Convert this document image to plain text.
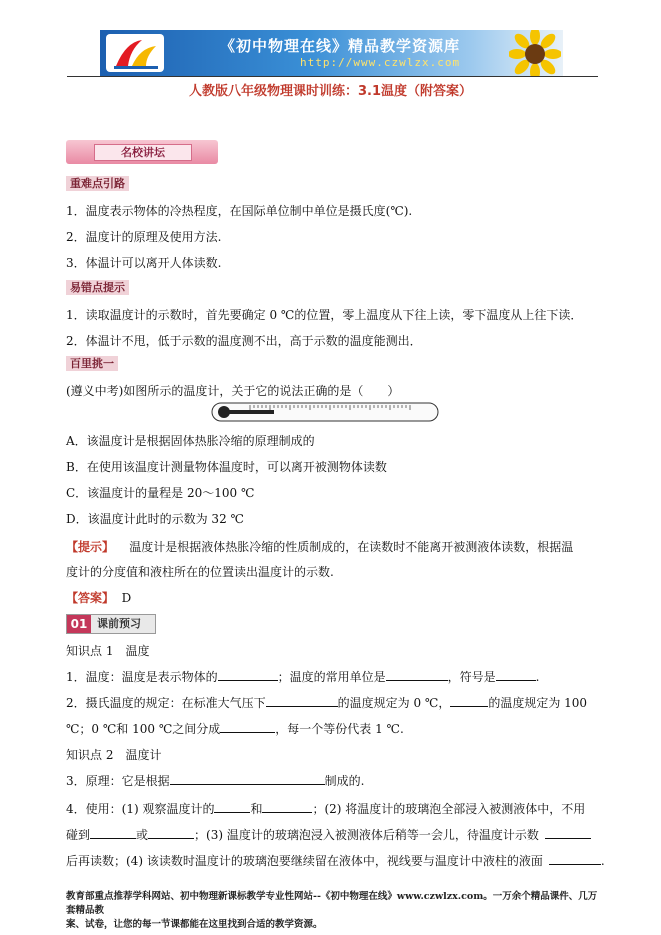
《初中物理在线》精品教学资源库
http://www.czwlzx.com
人教版八年级物理课时训练：3.1温度（附答案）
名校讲坛
重难点引路
1．温度表示物体的冷热程度，在国际单位制中单位是摄氏度(℃).
2．温度计的原理及使用方法.
3．体温计可以离开人体读数.
易错点提示
1．读取温度计的示数时，首先要确定 0 ℃的位置，零上温度从下往上读，零下温度从上往下读．
2．体温计不甩，低于示数的温度测不出，高于示数的温度能测出．
百里挑一
(遵义中考)如图所示的温度计，关于它的说法正确的是（　　）
A．该温度计是根据固体热胀冷缩的原理制成的
B．在使用该温度计测量物体温度时，可以离开被测物体读数
C．该温度计的量程是 20～100 ℃
D．该温度计此时的示数为 32 ℃
【提示】 温度计是根据液体热胀冷缩的性质制成的，在读数时不能离开被测液体读数，根据温
度计的分度值和液柱所在的位置读出温度计的示数.
【答案】 D
01 课前预习
知识点 1　温度
1．温度：温度是表示物体的	；温度的常用单位是	，符号是	.
2．摄氏温度的规定：在标准大气压下	的温度规定为 0 ℃，	的温度规定为 100
℃；0 ℃和 100 ℃之间分成	，每一个等份代表 1 ℃.
知识点 2　温度计
3．原理：它是根据	制成的.
4．使用：(1) 观察温度计的	和	；(2) 将温度计的玻璃泡全部浸入被测液体中，不用
碰到	或	；(3) 温度计的玻璃泡浸入被测液体后稍等一会儿，待温度计示数
后再读数；(4) 该读数时温度计的玻璃泡要继续留在液体中，视线要与温度计中液柱的液面	.
教育部重点推荐学科网站、初中物理新课标教学专业性网站--《初中物理在线》www.czwlzx.com。一万余个精品课件、几万套精品教
案、试卷，让您的每一节课都能在这里找到合适的教学资源。
